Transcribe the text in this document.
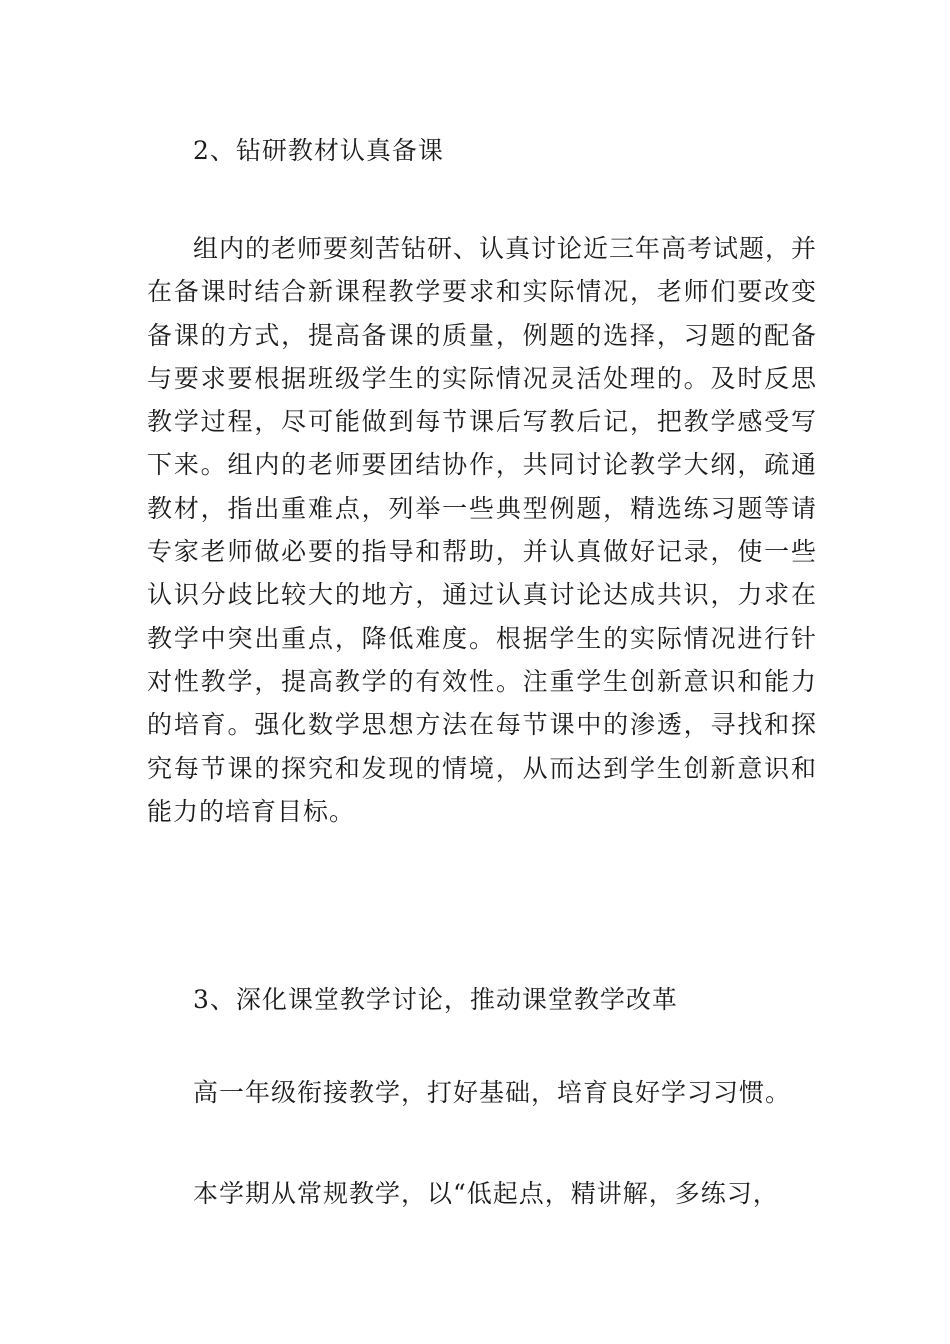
2、钻研教材认真备课

组内的老师要刻苦钻研、认真讨论近三年高考试题，并在备课时结合新课程教学要求和实际情况，老师们要改变备课的方式，提高备课的质量，例题的选择，习题的配备与要求要根据班级学生的实际情况灵活处理的。及时反思教学过程，尽可能做到每节课后写教后记，把教学感受写下来。组内的老师要团结协作，共同讨论教学大纲，疏通教材，指出重难点，列举一些典型例题，精选练习题等请专家老师做必要的指导和帮助，并认真做好记录，使一些认识分歧比较大的地方，通过认真讨论达成共识，力求在教学中突出重点，降低难度。根据学生的实际情况进行针对性教学，提高教学的有效性。注重学生创新意识和能力的培育。强化数学思想方法在每节课中的渗透，寻找和探究每节课的探究和发现的情境，从而达到学生创新意识和能力的培育目标。

3、深化课堂教学讨论，推动课堂教学改革

高一年级衔接教学，打好基础，培育良好学习习惯。

本学期从常规教学，以“低起点，精讲解，多练习，
